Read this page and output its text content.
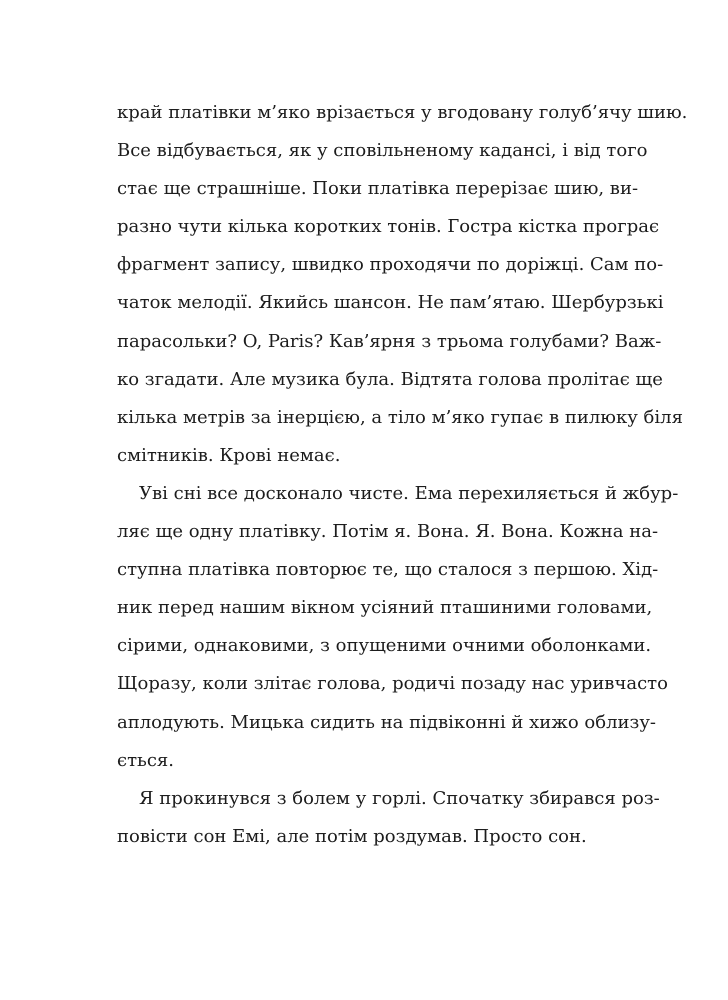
край платівки м’яко врізається у вгодовану голуб’ячу шию.
Все відбувається, як у сповільненому кадансі, і від того
стає ще страшніше. Поки платівка перерізає шию, ви-
разно чути кілька коротких тонів. Гостра кістка програє
фрагмент запису, швидко проходячи по доріжці. Сам по-
чаток мелодії. Якийсь шансон. Не пам’ятаю. Шербурзькі
парасольки? O, Paris? Кав’ярня з трьома голубами? Важ-
ко згадати. Але музика була. Відтята голова пролітає ще
кілька метрів за інерцією, а тіло м’яко гупає в пилюку біля
смітників. Крові немає.
Уві сні все досконало чисте. Ема перехиляється й жбур-
ляє ще одну платівку. Потім я. Вона. Я. Вона. Кожна на-
ступна платівка повторює те, що сталося з першою. Хід-
ник перед нашим вікном усіяний пташиними головами,
сірими, однаковими, з опущеними очними оболонками.
Щоразу, коли злітає голова, родичі позаду нас уривчасто
аплодують. Мицька сидить на підвіконні й хижо облизу-
ється.
Я прокинувся з болем у горлі. Спочатку збирався роз-
повісти сон Емі, але потім роздумав. Просто сон.
